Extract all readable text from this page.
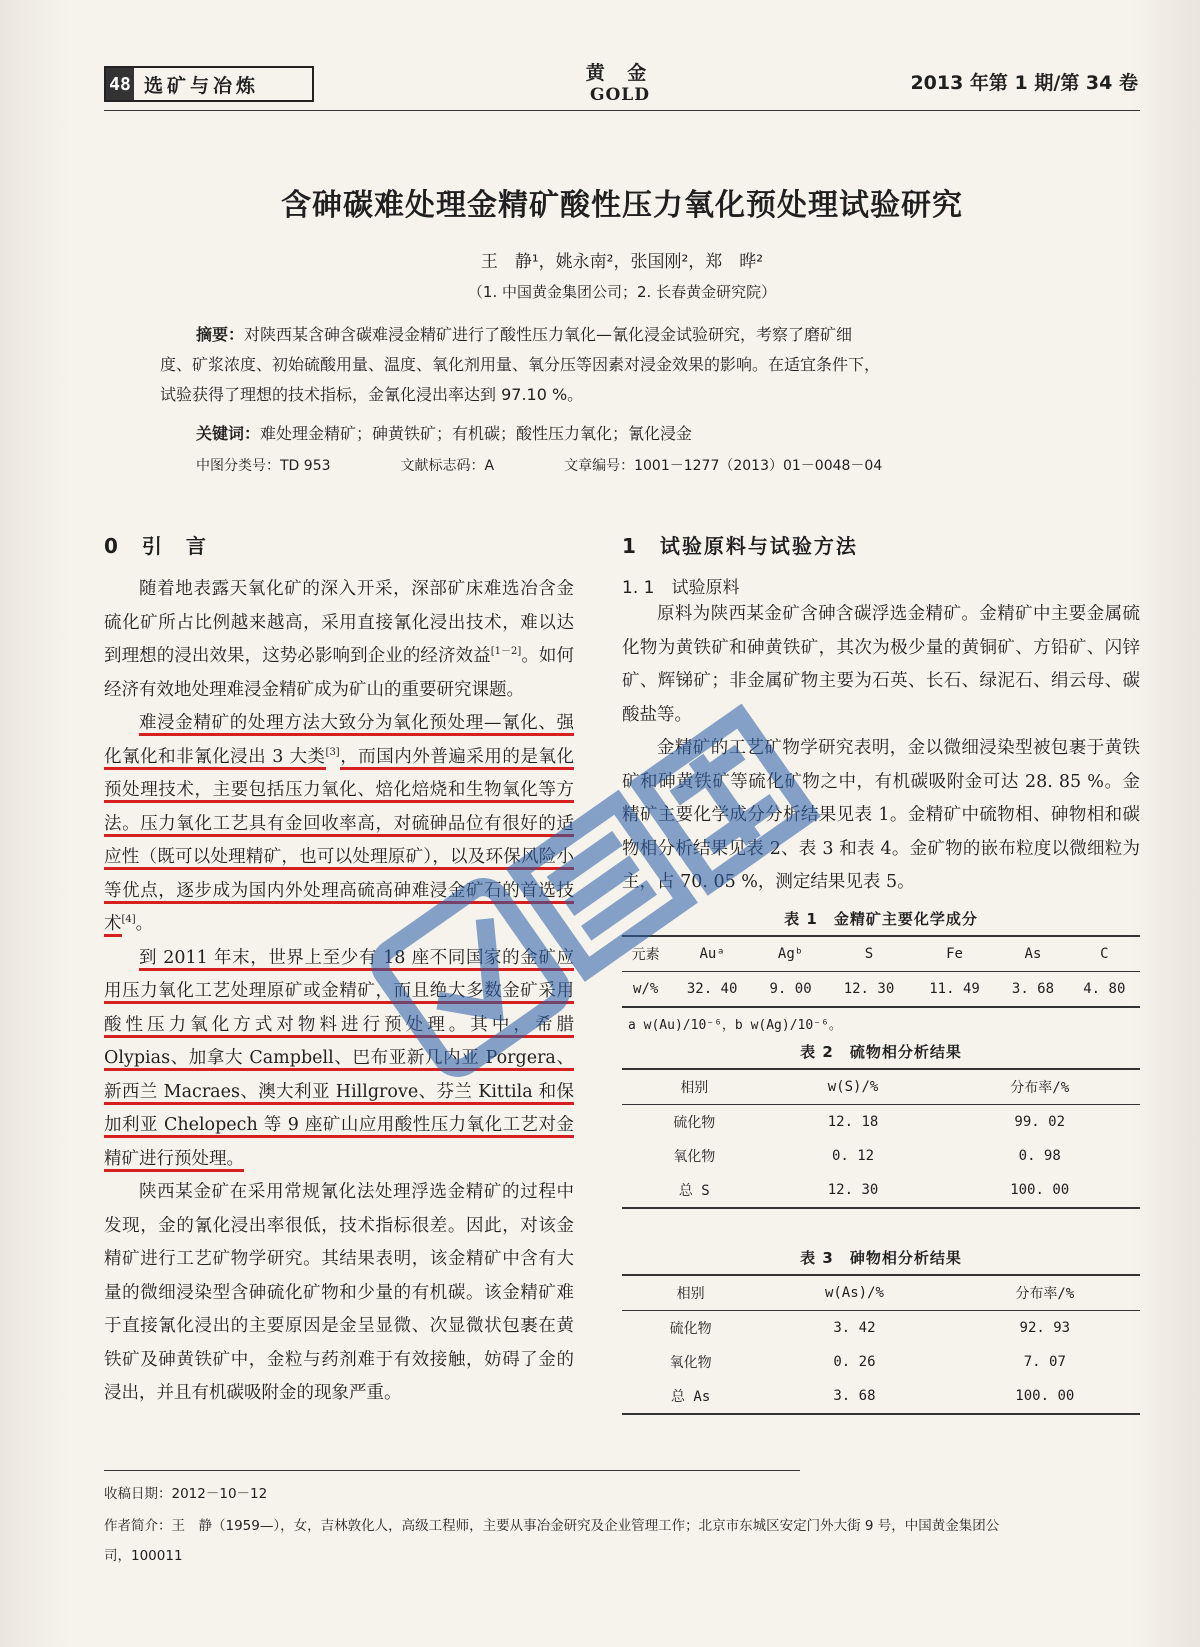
48 选矿与冶炼
黄 金
GOLD
2013 年第 1 期/第 34 卷
含砷碳难处理金精矿酸性压力氧化预处理试验研究
王　静¹，姚永南²，张国刚²，郑　晔²
（1. 中国黄金集团公司；2. 长春黄金研究院）
摘要：对陕西某含砷含碳难浸金精矿进行了酸性压力氧化—氰化浸金试验研究，考察了磨矿细
度、矿浆浓度、初始硫酸用量、温度、氧化剂用量、氧分压等因素对浸金效果的影响。在适宜条件下，
试验获得了理想的技术指标，金氰化浸出率达到 97.10 %。
关键词：难处理金精矿；砷黄铁矿；有机碳；酸性压力氧化；氰化浸金
中图分类号：TD 953	文献标志码：A	文章编号：1001－1277（2013）01－0048－04
0　引　言

随着地表露天氧化矿的深入开采，深部矿床难选冶含金硫化矿所占比例越来越高，采用直接氰化浸出技术，难以达到理想的浸出效果，这势必影响到企业的经济效益[1－2]。如何经济有效地处理难浸金精矿成为矿山的重要研究课题。

难浸金精矿的处理方法大致分为氧化预处理—氰化、强化氰化和非氰化浸出 3 大类[3]，而国内外普遍采用的是氧化预处理技术，主要包括压力氧化、焙化焙烧和生物氧化等方法。压力氧化工艺具有金回收率高，对硫砷品位有很好的适应性（既可以处理精矿，也可以处理原矿），以及环保风险小等优点，逐步成为国内外处理高硫高砷难浸金矿石的首选技术[4]。

到 2011 年末，世界上至少有 18 座不同国家的金矿应用压力氧化工艺处理原矿或金精矿，而且绝大多数金矿采用酸性压力氧化方式对物料进行预处理。其中，希腊 Olypias、加拿大 Campbell、巴布亚新几内亚 Porgera、新西兰 Macraes、澳大利亚 Hillgrove、芬兰 Kittila 和保加利亚 Chelopech 等 9 座矿山应用酸性压力氧化工艺对金精矿进行预处理。

陕西某金矿在采用常规氰化法处理浮选金精矿的过程中发现，金的氰化浸出率很低，技术指标很差。因此，对该金精矿进行工艺矿物学研究。其结果表明，该金精矿中含有大量的微细浸染型含砷硫化矿物和少量的有机碳。该金精矿难于直接氰化浸出的主要原因是金呈显微、次显微状包裹在黄铁矿及砷黄铁矿中，金粒与药剂难于有效接触，妨碍了金的浸出，并且有机碳吸附金的现象严重。

1　试验原料与试验方法
1. 1　试验原料

原料为陕西某金矿含砷含碳浮选金精矿。金精矿中主要金属硫化物为黄铁矿和砷黄铁矿，其次为极少量的黄铜矿、方铅矿、闪锌矿、辉锑矿；非金属矿物主要为石英、长石、绿泥石、绢云母、碳酸盐等。

金精矿的工艺矿物学研究表明，金以微细浸染型被包裹于黄铁矿和砷黄铁矿等硫化矿物之中，有机碳吸附金可达 28. 85 %。金精矿主要化学成分分析结果见表 1。金精矿中硫物相、砷物相和碳物相分析结果见表 2、表 3 和表 4。金矿物的嵌布粒度以微细粒为主，占 70. 05 %，测定结果见表 5。

表 1　金精矿主要化学成分
元素	Auᵃ	Agᵇ	S	Fe	As	C
w/%	32. 40	9. 00	12. 30	11. 49	3. 68	4. 80
a w(Au)/10⁻⁶，b w(Ag)/10⁻⁶。
表 2　硫物相分析结果
相别	w(S)/%	分布率/%
硫化物	12. 18	99. 02
氧化物	0. 12	0. 98
总 S	12. 30	100. 00
表 3　砷物相分析结果
相别	w(As)/%	分布率/%
硫化物	3. 42	92. 93
氧化物	0. 26	7. 07
总 As	3. 68	100. 00
收稿日期：2012－10－12
作者简介：王　静（1959—），女，吉林敦化人，高级工程师，主要从事冶金研究及企业管理工作；北京市东城区安定门外大街 9 号，中国黄金集团公
司，100011
